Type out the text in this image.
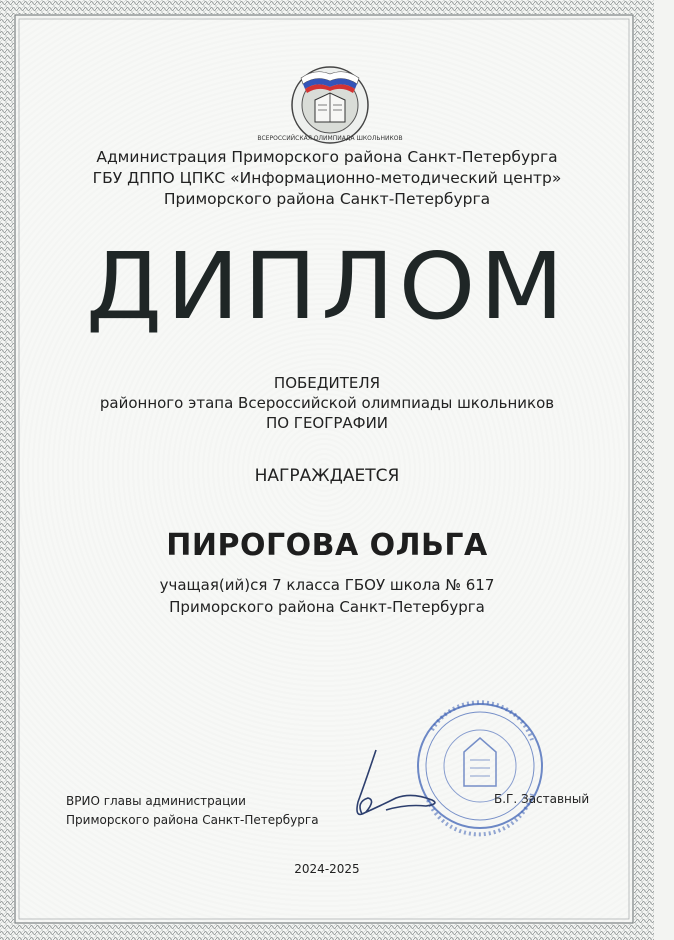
ВСЕРОССИЙСКАЯ ОЛИМПИАДА ШКОЛЬНИКОВ
Администрация Приморского района Санкт-Петербурга
ГБУ ДППО ЦПКС «Информационно-методический центр»
Приморского района Санкт-Петербурга
ДИПЛОМ
ПОБЕДИТЕЛЯ
районного этапа Всероссийской олимпиады школьников
ПО ГЕОГРАФИИ
НАГРАЖДАЕТСЯ
ПИРОГОВА ОЛЬГА
учащая(ий)ся 7 класса ГБОУ школа № 617
Приморского района Санкт-Петербурга
ВРИО главы администрации
Приморского района Санкт-Петербурга
Б.Г. Заставный
2024-2025
